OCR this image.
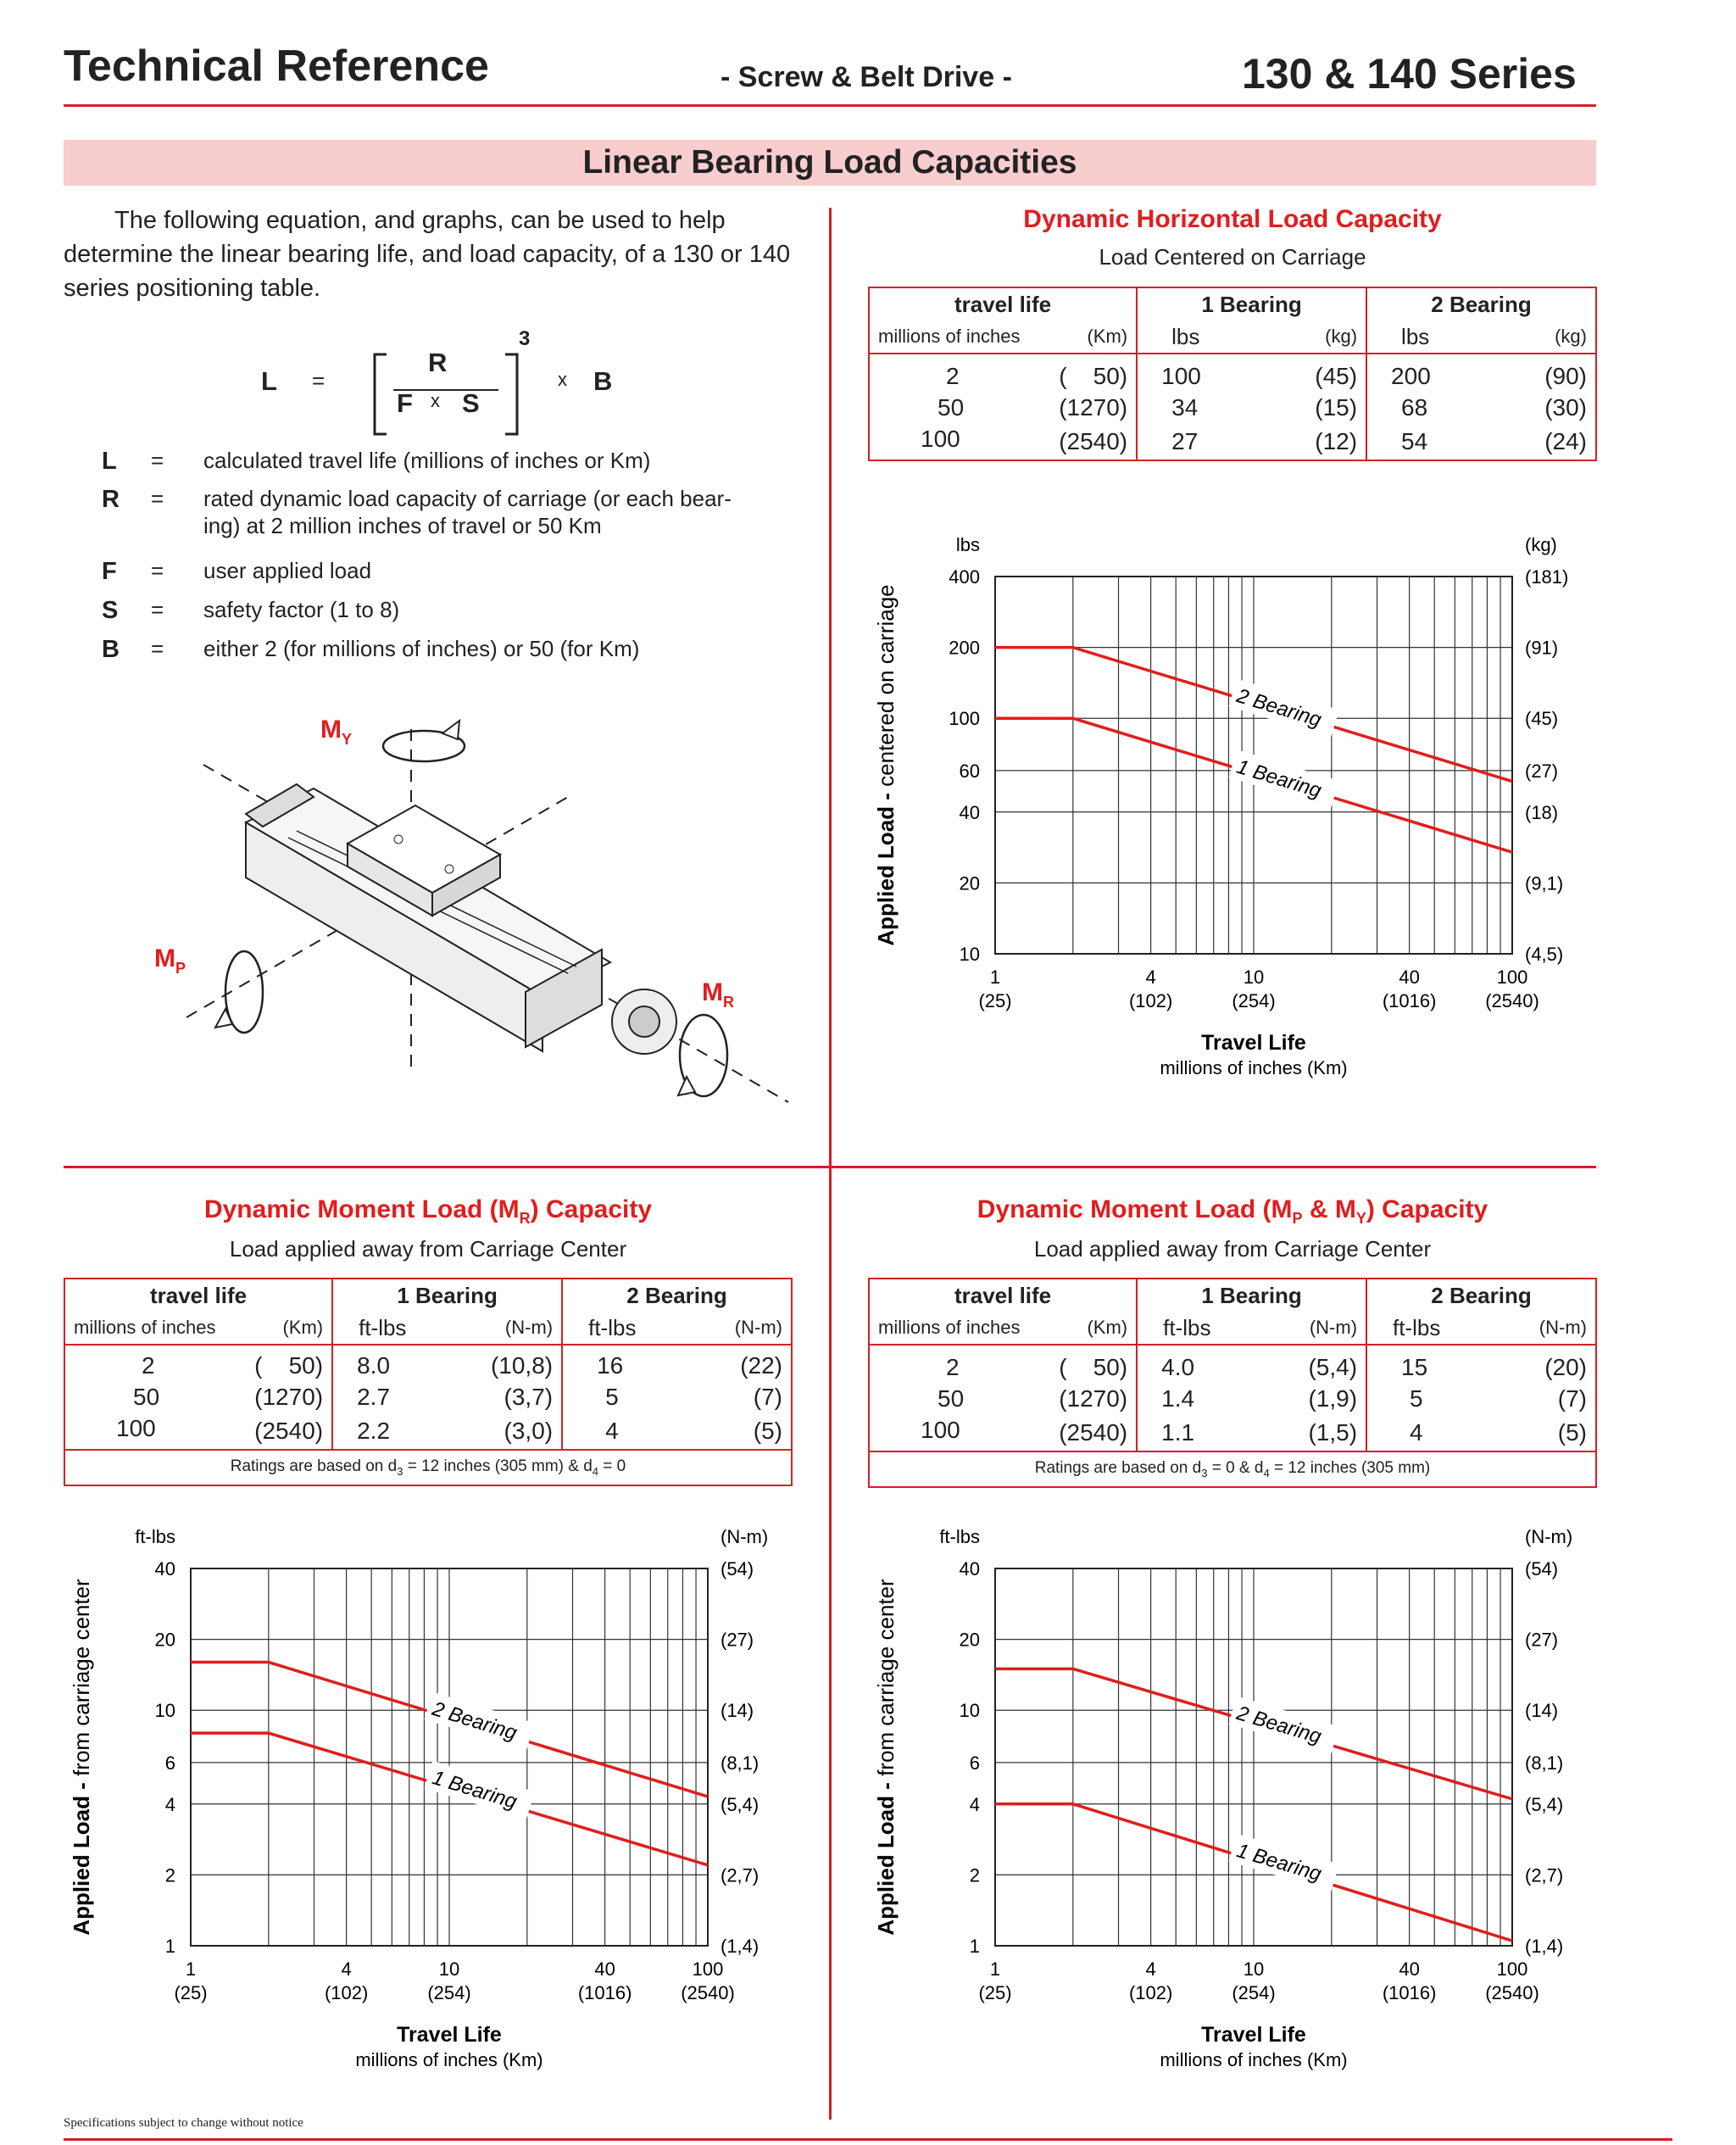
Technical Reference	- Screw & Belt Drive -	130 & 140 Series
Linear Bearing Load Capacities
The following equation, and graphs, can be used to help determine the linear bearing life, and load capacity, of a 130 or 140 series positioning table.
L =
R
F x S
3
x B
L = calculated travel life (millions of inches or Km)
R = rated dynamic load capacity of carriage (or each bear-
ing) at 2 million inches of travel or 50 Km
F = user applied load
S = safety factor (1 to 8)
B = either 2 (for millions of inches) or 50 (for Km)
$M_Y$
$M_P$
$M_R$
Dynamic Horizontal Load Capacity
Load Centered on Carriage
travel life		1 Bearing		2 Bearing	
millions of inches	(Km)	lbs	(kg)	lbs	(kg)

2	(    50)	100	(45)	200	(90)
50	(1270)	34	(15)	68	(30)
100	(2540)	27	(12)	54	(24)
Dynamic Moment Load $(M_R)$ Capacity
Load applied away from Carriage Center
travel life		1 Bearing		2 Bearing	
millions of inches	(Km)	ft-lbs	(N-m)	ft-lbs	(N-m)

2	(    50)	8.0	(10,8)	16	(22)
50	(1270)	2.7	(3,7)	5	(7)
100	(2540)	2.2	(3,0)	4	(5)
Ratings are based on $d_3 = 12$ inches (305 mm) & $d_4 = 0$					
Dynamic Moment Load ($M_P$ & $M_Y$) Capacity
Load applied away from Carriage Center
travel life		1 Bearing		2 Bearing	
millions of inches	(Km)	ft-lbs	(N-m)	ft-lbs	(N-m)

2	(    50)	4.0	(5,4)	15	(20)
50	(1270)	1.4	(1,9)	5	(7)
100	(2540)	1.1	(1,5)	4	(5)
Ratings are based on $d_3 = 0$ & $d_4 = 12$ inches (305 mm)					
400	(181)
200	(91)
100	(45)
60	(27)
40	(18)
20	(9,1)
10	(4,5)
lbs	(kg)
1
(25)
4
(102)
10
(254)
40
(1016)
100
(2540)
Travel Life
millions of inches (Km)
Applied Load - centered on carriage	2 Bearing
1 Bearing
40	(54)
20	(27)
10	(14)
6	(8,1)
4	(5,4)
2	(2,7)
1	(1,4)
ft-lbs	(N-m)
1
(25)
4
(102)
10
(254)
40
(1016)
100
(2540)
Travel Life
millions of inches (Km)
Applied Load - from carriage center	2 Bearing
1 Bearing
40	(54)
20	(27)
10	(14)
6	(8,1)
4	(5,4)
2	(2,7)
1	(1,4)
ft-lbs	(N-m)
1
(25)
4
(102)
10
(254)
40
(1016)
100
(2540)
Travel Life
millions of inches (Km)
Applied Load - from carriage center	2 Bearing
1 Bearing
Specifications subject to change without notice
